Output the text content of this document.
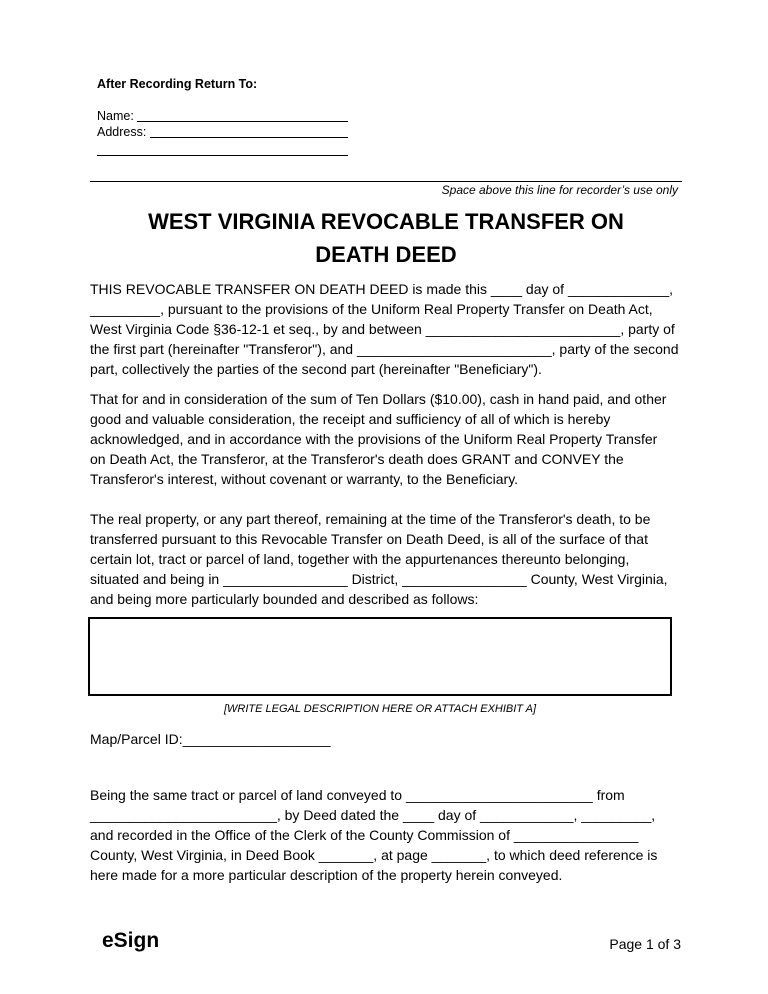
After Recording Return To:
Name:
Address:
Space above this line for recorder’s use only
WEST VIRGINIA REVOCABLE TRANSFER ON
DEATH DEED

THIS REVOCABLE TRANSFER ON DEATH DEED is made this ____ day of _____________,

_________, pursuant to the provisions of the Uniform Real Property Transfer on Death Act,

West Virginia Code §36-12-1 et seq., by and between _________________________, party of

the first part (hereinafter "Transferor"), and _________________________, party of the second

part, collectively the parties of the second part (hereinafter "Beneficiary").

That for and in consideration of the sum of Ten Dollars ($10.00), cash in hand paid, and other

good and valuable consideration, the receipt and sufficiency of all of which is hereby

acknowledged, and in accordance with the provisions of the Uniform Real Property Transfer

on Death Act, the Transferor, at the Transferor's death does GRANT and CONVEY the

Transferor's interest, without covenant or warranty, to the Beneficiary.

The real property, or any part thereof, remaining at the time of the Transferor's death, to be

transferred pursuant to this Revocable Transfer on Death Deed, is all of the surface of that

certain lot, tract or parcel of land, together with the appurtenances thereunto belonging,

situated and being in ________________ District, ________________ County, West Virginia,

and being more particularly bounded and described as follows:

[WRITE LEGAL DESCRIPTION HERE OR ATTACH EXHIBIT A]
Map/Parcel ID:___________________

Being the same tract or parcel of land conveyed to ________________________ from

________________________, by Deed dated the ____ day of ____________, _________,

and recorded in the Office of the Clerk of the County Commission of ________________

County, West Virginia, in Deed Book _______, at page _______, to which deed reference is

here made for a more particular description of the property herein conveyed.

eSign	Page 1 of 3
